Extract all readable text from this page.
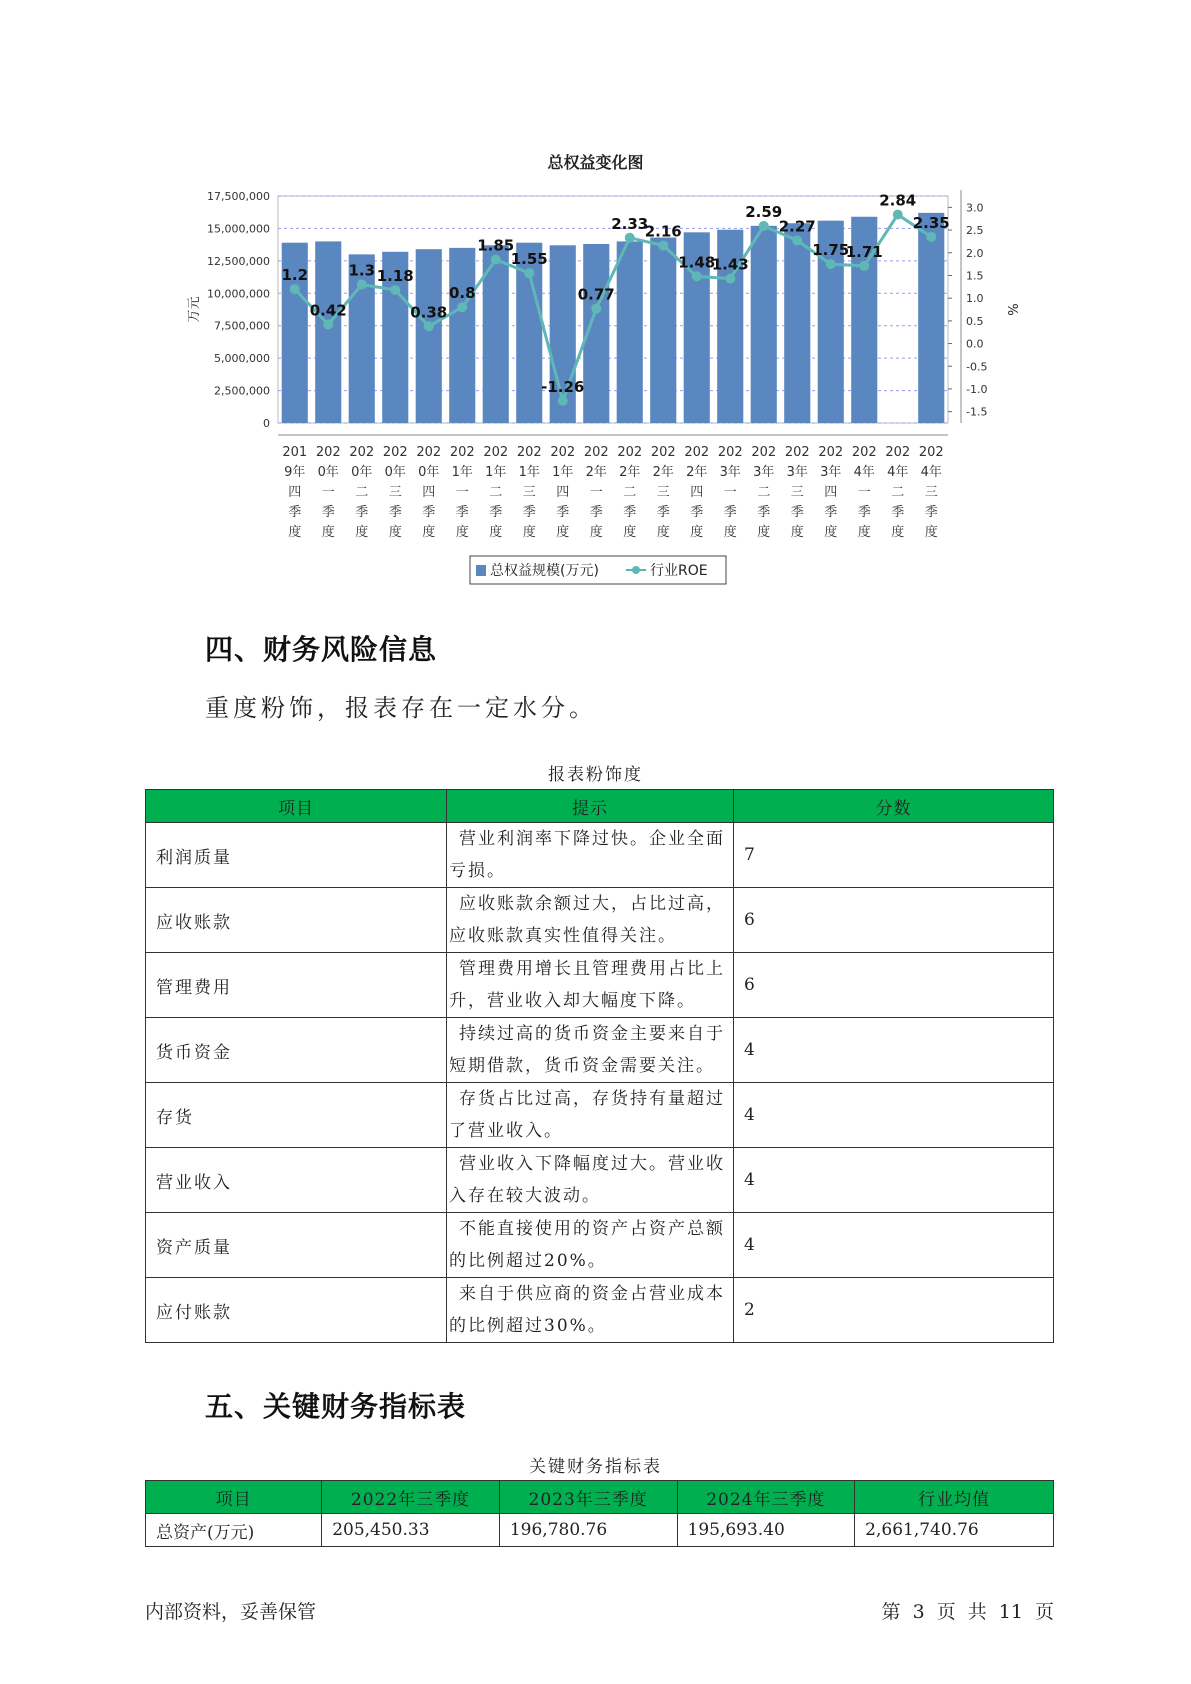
总权益变化图
0
2,500,000
5,000,000
7,500,000
10,000,000
12,500,000
15,000,000
17,500,000
-1.5
-1.0
-0.5
0.0
0.5
1.0
1.5
2.0
2.5
3.0
万元	%
1.2
0.42
1.3 1.18
0.38
0.8
1.85
1.55
-1.26
0.77
2.33
2.16
1.48
1.43
2.59
2.27
1.75
1.71
2.84
2.35
201
9年
四
季
度
202
0年
一
季
度
202
0年
二
季
度
202
0年
三
季
度
202
0年
四
季
度
202
1年
一
季
度
202
1年
二
季
度
202
1年
三
季
度
202
1年
四
季
度
202
2年
一
季
度
202
2年
二
季
度
202
2年
三
季
度
202
2年
四
季
度
202
3年
一
季
度
202
3年
二
季
度
202
3年
三
季
度
202
3年
四
季
度
202
4年
一
季
度
202
4年
二
季
度
202
4年
三
季
度
总权益规模(万元)	行业ROE
四、财务风险信息
重度粉饰，报表存在一定水分。
报表粉饰度
项目	提示	分数
利润质量	营业利润率下降过快。企业全面亏损。	7
应收账款	应收账款余额过大，占比过高，应收账款真实性值得关注。	6
管理费用	管理费用增长且管理费用占比上升，营业收入却大幅度下降。	6
货币资金	持续过高的货币资金主要来自于短期借款，货币资金需要关注。	4
存货	存货占比过高，存货持有量超过了营业收入。	4
营业收入	营业收入下降幅度过大。营业收入存在较大波动。	4
资产质量	不能直接使用的资产占资产总额的比例超过20%。	4
应付账款	来自于供应商的资金占营业成本的比例超过30%。	2
五、关键财务指标表
关键财务指标表
项目	2022年三季度	2023年三季度	2024年三季度	行业均值
总资产(万元)	205,450.33	196,780.76	195,693.40	2,661,740.76
内部资料，妥善保管	第 3 页 共 11 页
